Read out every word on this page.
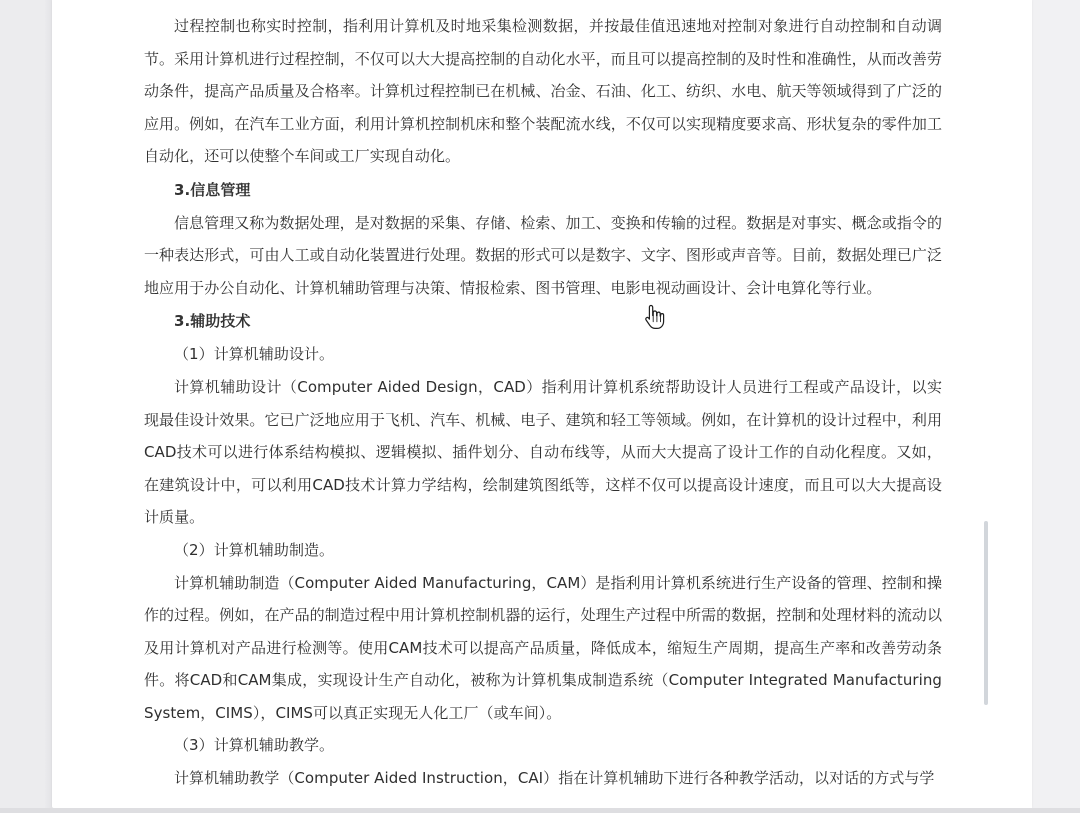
过程控制也称实时控制，指利用计算机及时地采集检测数据，并按最佳值迅速地对控制对象进行自动控制和自动调节。采用计算机进行过程控制，不仅可以大大提高控制的自动化水平，而且可以提高控制的及时性和准确性，从而改善劳动条件，提高产品质量及合格率。计算机过程控制已在机械、冶金、石油、化工、纺织、水电、航天等领域得到了广泛的应用。例如，在汽车工业方面，利用计算机控制机床和整个装配流水线，不仅可以实现精度要求高、形状复杂的零件加工自动化，还可以使整个车间或工厂实现自动化。

3.信息管理

信息管理又称为数据处理，是对数据的采集、存储、检索、加工、变换和传输的过程。数据是对事实、概念或指令的一种表达形式，可由人工或自动化装置进行处理。数据的形式可以是数字、文字、图形或声音等。目前，数据处理已广泛地应用于办公自动化、计算机辅助管理与决策、情报检索、图书管理、电影电视动画设计、会计电算化等行业。

3.辅助技术

（1）计算机辅助设计。

计算机辅助设计（Computer Aided Design，CAD）指利用计算机系统帮助设计人员进行工程或产品设计，以实现最佳设计效果。它已广泛地应用于飞机、汽车、机械、电子、建筑和轻工等领域。例如，在计算机的设计过程中，利用CAD技术可以进行体系结构模拟、逻辑模拟、插件划分、自动布线等，从而大大提高了设计工作的自动化程度。又如，在建筑设计中，可以利用CAD技术计算力学结构，绘制建筑图纸等，这样不仅可以提高设计速度，而且可以大大提高设计质量。

（2）计算机辅助制造。

计算机辅助制造（Computer Aided Manufacturing，CAM）是指利用计算机系统进行生产设备的管理、控制和操作的过程。例如，在产品的制造过程中用计算机控制机器的运行，处理生产过程中所需的数据，控制和处理材料的流动以及用计算机对产品进行检测等。使用CAM技术可以提高产品质量，降低成本，缩短生产周期，提高生产率和改善劳动条件。将CAD和CAM集成，实现设计生产自动化，被称为计算机集成制造系统（Computer Integrated Manufacturing System，CIMS），CIMS可以真正实现无人化工厂（或车间）。

（3）计算机辅助教学。

计算机辅助教学（Computer Aided Instruction，CAI）指在计算机辅助下进行各种教学活动，以对话的方式与学
